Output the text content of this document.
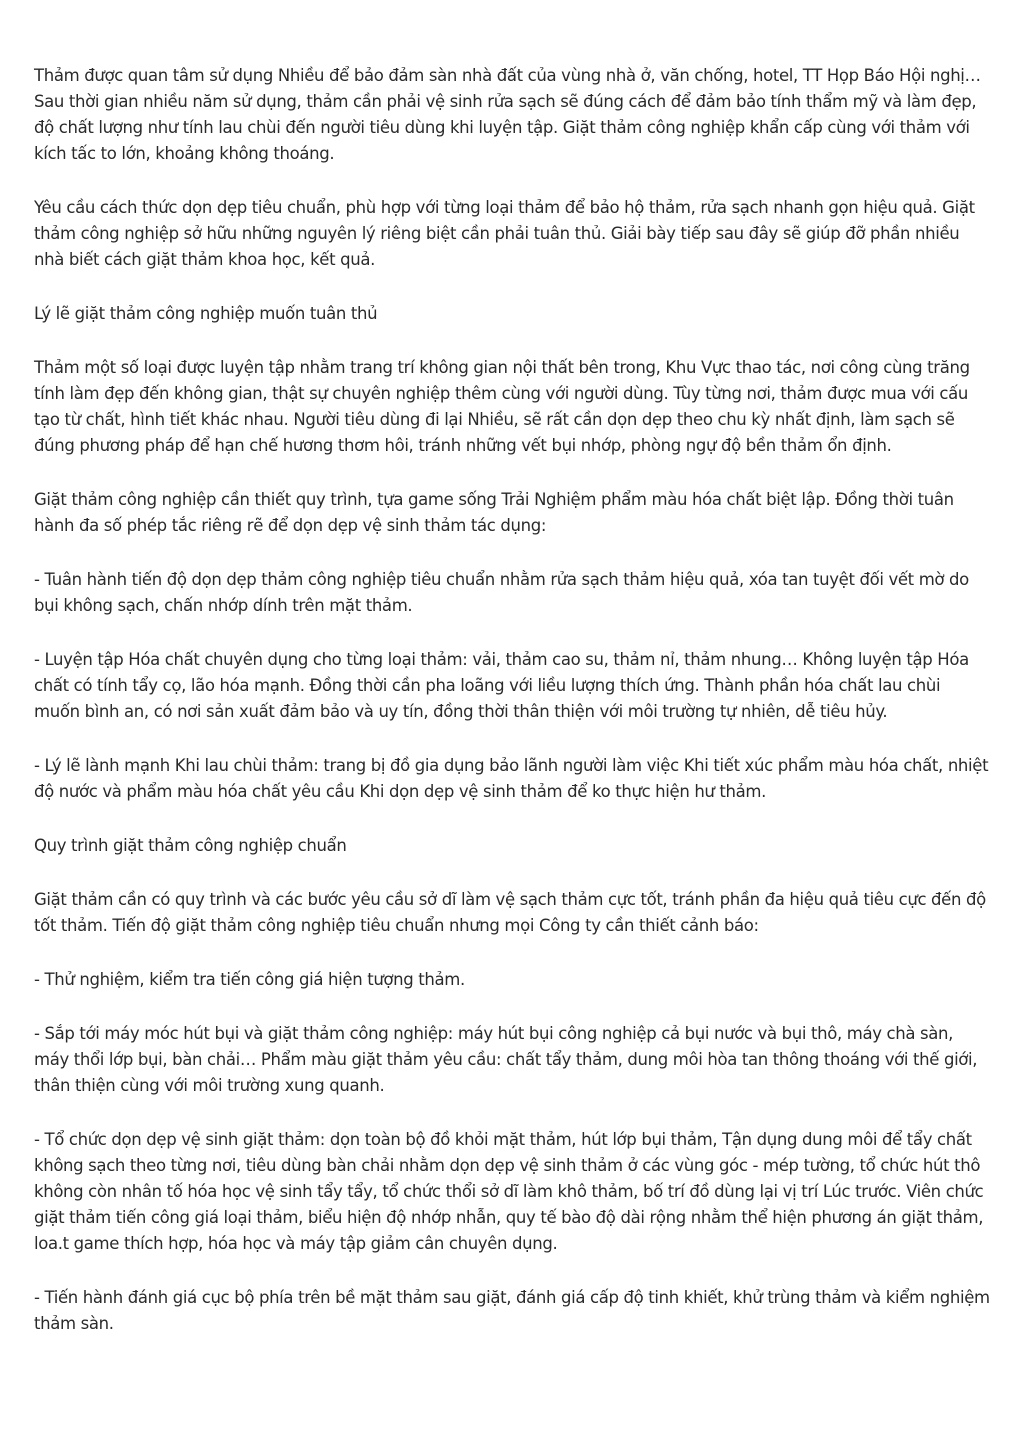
Thảm được quan tâm sử dụng Nhiều để bảo đảm sàn nhà đất của vùng nhà ở, văn chống, hotel, TT Họp Báo Hội nghị… Sau thời gian nhiều năm sử dụng, thảm cần phải vệ sinh rửa sạch sẽ đúng cách để đảm bảo tính thẩm mỹ và làm đẹp, độ chất lượng như tính lau chùi đến người tiêu dùng khi luyện tập. Giặt thảm công nghiệp khẩn cấp cùng với thảm với kích tấc to lớn, khoảng không thoáng.

Yêu cầu cách thức dọn dẹp tiêu chuẩn, phù hợp với từng loại thảm để bảo hộ thảm, rửa sạch nhanh gọn hiệu quả. Giặt thảm công nghiệp sở hữu những nguyên lý riêng biệt cần phải tuân thủ. Giải bày tiếp sau đây sẽ giúp đỡ phần nhiều nhà biết cách giặt thảm khoa học, kết quả.

Lý lẽ giặt thảm công nghiệp muốn tuân thủ

Thảm một số loại được luyện tập nhằm trang trí không gian nội thất bên trong, Khu Vực thao tác, nơi công cùng trăng tính làm đẹp đến không gian, thật sự chuyên nghiệp thêm cùng với người dùng. Tùy từng nơi, thảm được mua với cấu tạo từ chất, hình tiết khác nhau. Người tiêu dùng đi lại Nhiều, sẽ rất cần dọn dẹp theo chu kỳ nhất định, làm sạch sẽ đúng phương pháp để hạn chế hương thơm hôi, tránh những vết bụi nhớp, phòng ngự độ bền thảm ổn định.

Giặt thảm công nghiệp cần thiết quy trình, tựa game sống Trải Nghiệm phẩm màu hóa chất biệt lập. Đồng thời tuân hành đa số phép tắc riêng rẽ để dọn dẹp vệ sinh thảm tác dụng:

- Tuân hành tiến độ dọn dẹp thảm công nghiệp tiêu chuẩn nhằm rửa sạch thảm hiệu quả, xóa tan tuyệt đối vết mờ do bụi không sạch, chấn nhớp dính trên mặt thảm.

- Luyện tập Hóa chất chuyên dụng cho từng loại thảm: vải, thảm cao su, thảm nỉ, thảm nhung… Không luyện tập Hóa chất có tính tẩy cọ, lão hóa mạnh. Đồng thời cần pha loãng với liều lượng thích ứng. Thành phần hóa chất lau chùi muốn bình an, có nơi sản xuất đảm bảo và uy tín, đồng thời thân thiện với môi trường tự nhiên, dễ tiêu hủy.

- Lý lẽ lành mạnh Khi lau chùi thảm: trang bị đồ gia dụng bảo lãnh người làm việc Khi tiết xúc phẩm màu hóa chất, nhiệt độ nước và phẩm màu hóa chất yêu cầu Khi dọn dẹp vệ sinh thảm để ko thực hiện hư thảm.

Quy trình giặt thảm công nghiệp chuẩn

Giặt thảm cần có quy trình và các bước yêu cầu sở dĩ làm vệ sạch thảm cực tốt, tránh phần đa hiệu quả tiêu cực đến độ tốt thảm. Tiến độ giặt thảm công nghiệp tiêu chuẩn nhưng mọi Công ty cần thiết cảnh báo:

- Thử nghiệm, kiểm tra tiến công giá hiện tượng thảm.

- Sắp tới máy móc hút bụi và giặt thảm công nghiệp: máy hút bụi công nghiệp cả bụi nước và bụi thô, máy chà sàn, máy thổi lớp bụi, bàn chải… Phẩm màu giặt thảm yêu cầu: chất tẩy thảm, dung môi hòa tan thông thoáng với thế giới, thân thiện cùng với môi trường xung quanh.

- Tổ chức dọn dẹp vệ sinh giặt thảm: dọn toàn bộ đồ khỏi mặt thảm, hút lớp bụi thảm, Tận dụng dung môi để tẩy chất không sạch theo từng nơi, tiêu dùng bàn chải nhằm dọn dẹp vệ sinh thảm ở các vùng góc - mép tường, tổ chức hút thô không còn nhân tố hóa học vệ sinh tẩy tẩy, tổ chức thổi sở dĩ làm khô thảm, bố trí đồ dùng lại vị trí Lúc trước. Viên chức giặt thảm tiến công giá loại thảm, biểu hiện độ nhớp nhẫn, quy tế bào độ dài rộng nhằm thể hiện phương án giặt thảm, loa.t game thích hợp, hóa học và máy tập giảm cân chuyên dụng.

- Tiến hành đánh giá cục bộ phía trên bề mặt thảm sau giặt, đánh giá cấp độ tinh khiết, khử trùng thảm và kiểm nghiệm thảm sàn.
